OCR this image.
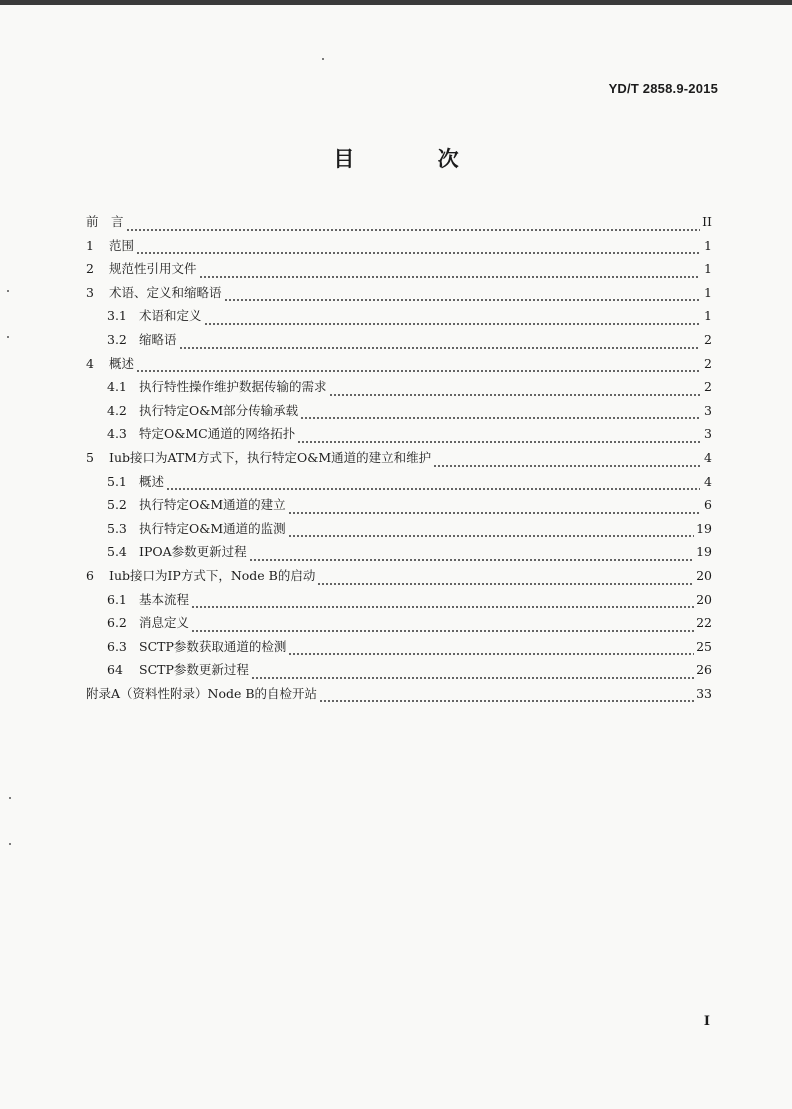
YD/T 2858.9-2015
目 次
前　言	II
1	范围	1
2	规范性引用文件	1
3	术语、定义和缩略语	1
3.1 术语和定义	1
3.2 缩略语	2
4	概述	2
4.1 执行特性操作维护数据传输的需求	2
4.2 执行特定O&M部分传输承载	3
4.3 特定O&MC通道的网络拓扑	3
5	Iub接口为ATM方式下，执行特定O&M通道的建立和维护	4
5.1 概述	4
5.2 执行特定O&M通道的建立	6
5.3 执行特定O&M通道的监测	19
5.4 IPOA参数更新过程	19
6	Iub接口为IP方式下，Node B的启动	20
6.1 基本流程	20
6.2 消息定义	22
6.3 SCTP参数获取通道的检测	25
64	SCTP参数更新过程	26
附录A（资料性附录）Node B的自检开站	33
I
